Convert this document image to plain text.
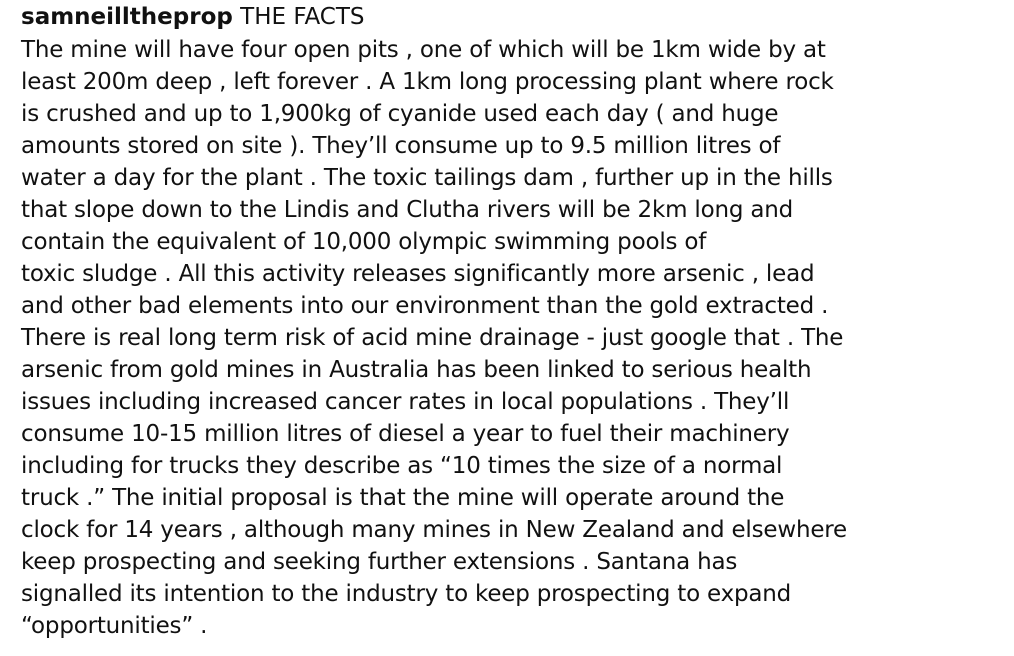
samneilltheprop THE FACTS
The mine will have four open pits , one of which will be 1km wide by at
least 200m deep , left forever . A 1km long processing plant where rock
is crushed and up to 1,900kg of cyanide used each day ( and huge
amounts stored on site ). They’ll consume up to 9.5 million litres of
water a day for the plant . The toxic tailings dam , further up in the hills
that slope down to the Lindis and Clutha rivers will be 2km long and
contain the equivalent of 10,000 olympic swimming pools of
toxic sludge . All this activity releases significantly more arsenic , lead
and other bad elements into our environment than the gold extracted .
There is real long term risk of acid mine drainage - just google that . The
arsenic from gold mines in Australia has been linked to serious health
issues including increased cancer rates in local populations . They’ll
consume 10-15 million litres of diesel a year to fuel their machinery
including for trucks they describe as “10 times the size of a normal
truck .” The initial proposal is that the mine will operate around the
clock for 14 years , although many mines in New Zealand and elsewhere
keep prospecting and seeking further extensions . Santana has
signalled its intention to the industry to keep prospecting to expand
“opportunities” .
